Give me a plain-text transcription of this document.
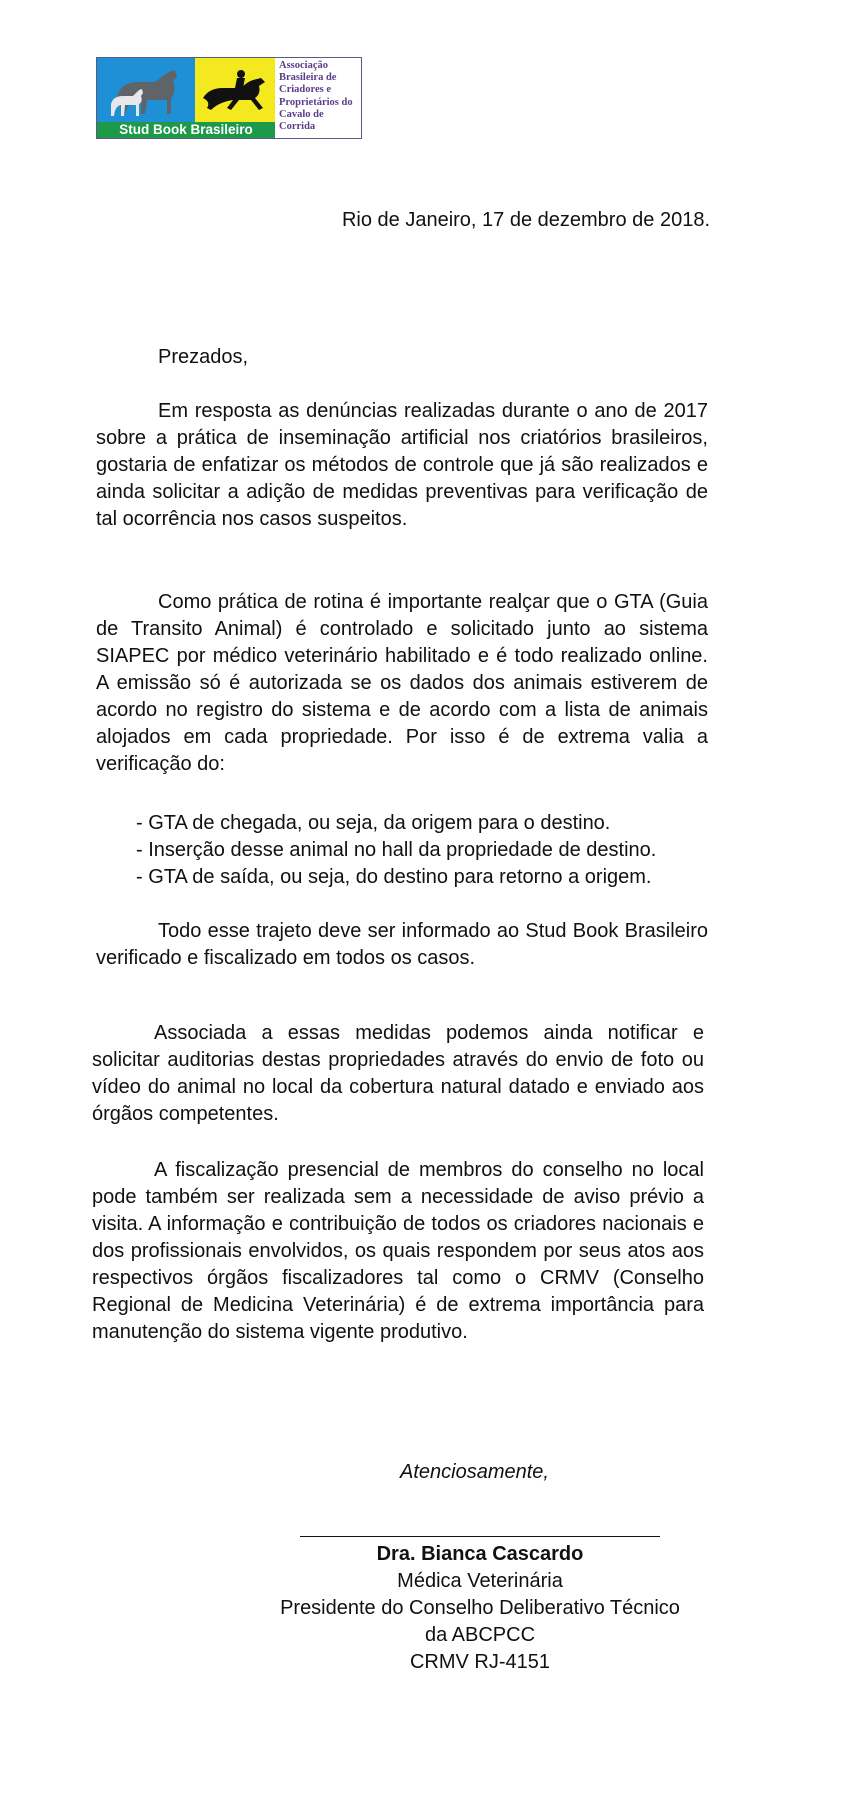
Stud Book Brasileiro
Associação
Brasileira de
Criadores e
Proprietários do
Cavalo de
Corrida
Rio de Janeiro, 17 de dezembro de 2018.
Prezados,
Em resposta as denúncias realizadas durante o ano de 2017 sobre a prática de inseminação artificial nos criatórios brasileiros, gostaria de enfatizar os métodos de controle que já são realizados e ainda solicitar a adição de medidas preventivas para verificação de tal ocorrência nos casos suspeitos.
Como prática de rotina é importante realçar que o GTA (Guia de Transito Animal) é controlado e solicitado junto ao sistema SIAPEC por médico veterinário habilitado e é todo realizado online. A emissão só é autorizada se os dados dos animais estiverem de acordo no registro do sistema e de acordo com a lista de animais alojados em cada propriedade. Por isso é de extrema valia a verificação do:
- GTA de chegada, ou seja, da origem para o destino.
- Inserção desse animal no hall da propriedade de destino.
- GTA de saída, ou seja, do destino para retorno a origem.
Todo esse trajeto deve ser informado ao Stud Book Brasileiro verificado e fiscalizado em todos os casos.
Associada a essas medidas podemos ainda notificar e solicitar auditorias destas propriedades através do envio de foto ou vídeo do animal no local da cobertura natural datado e enviado aos órgãos competentes.
A fiscalização presencial de membros do conselho no local pode também ser realizada sem a necessidade de aviso prévio a visita. A informação e contribuição de todos os criadores nacionais e dos profissionais envolvidos, os quais respondem por seus atos aos respectivos órgãos fiscalizadores tal como o CRMV (Conselho Regional de Medicina Veterinária) é de extrema importância para manutenção do sistema vigente produtivo.
Atenciosamente,
Dra. Bianca Cascardo
Médica Veterinária
Presidente do Conselho Deliberativo Técnico
da ABCPCC
CRMV RJ-4151
